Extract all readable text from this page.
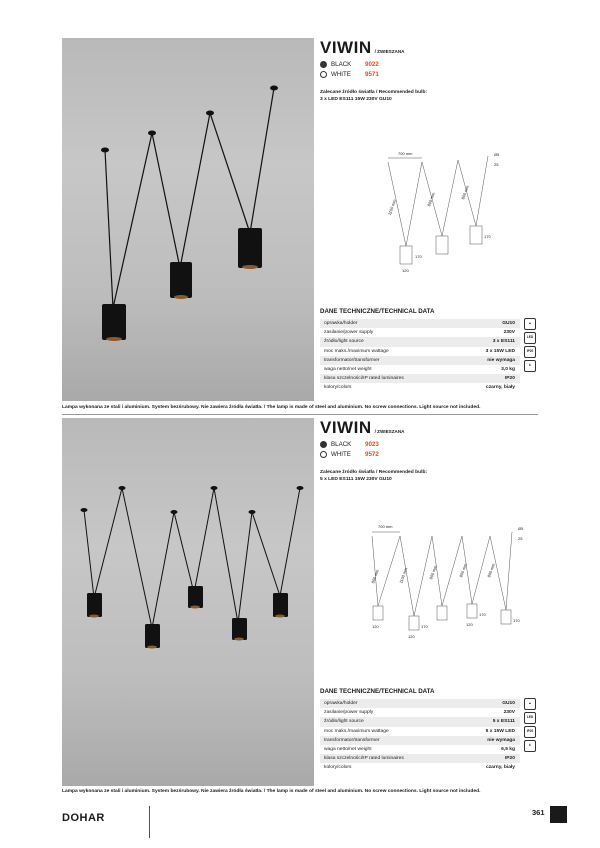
VIWIN / ZWIESZANA
BLACK	9022
WHITE	9571
Zalecane źródło światła / Recommended bulb:
3 x LED ES111 15W 230V GU10
700 mm
1100 mm	800 mm	800 mm
170
170
120
Ø5
25
DANE TECHNICZNE/TECHNICAL DATA
oprawka/holder	GU10
zasilanie/power supply	230V
źródło/light source	3 x ES111
moc maks./maximum wattage	3 x 15W LED
transformator/transformer	nie wymaga
waga netto/net weight	3,0 kg
klasa szczelności/IP rated luminaires	IP20
kolory/colors	czarny, biały
▲
LED
IP20
⬇
Lampa wykonana ze stali i aluminium. System bezśrubowy. Nie zawiera źródła światła. / The lamp is made of steel and aluminium. No screw connections. Light source not included.
VIWIN / ZWIESZANA
BLACK	9023
WHITE	9572
Zalecane źródło światła / Recommended bulb:
5 x LED ES111 15W 230V GU10
700 mm
800 mm	1100 mm	800 mm	800 mm	800 mm
170
170
170
120
120
120
Ø5
25
DANE TECHNICZNE/TECHNICAL DATA
oprawka/holder	GU10
zasilanie/power supply	230V
źródło/light source	5 x ES111
moc maks./maximum wattage	5 x 15W LED
transformator/transformer	nie wymaga
waga netto/net weight	6,5 kg
klasa szczelności/IP rated luminaires	IP20
kolory/colors	czarny, biały
▲
LED
IP20
⬇
Lampa wykonana ze stali i aluminium. System bezśrubowy. Nie zawiera źródła światła. / The lamp is made of steel and aluminium. No screw connections. Light source not included.
DOHAR	361
